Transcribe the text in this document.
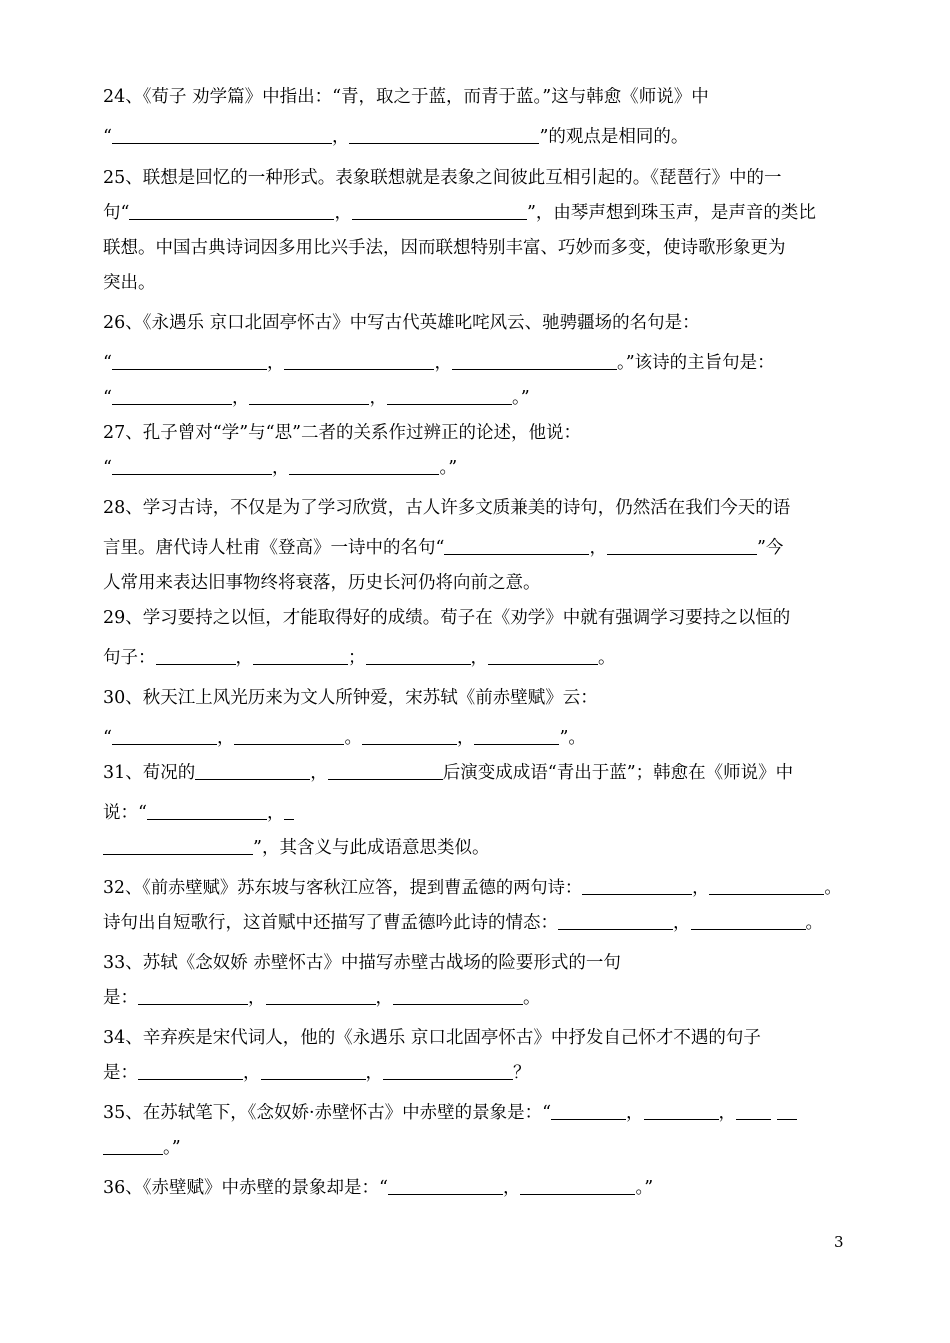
24、《荀子 劝学篇》中指出：“青，取之于蓝，而青于蓝。”这与韩愈《师说》中
“	，	”的观点是相同的。
25、联想是回忆的一种形式。表象联想就是表象之间彼此互相引起的。《琵琶行》中的一
句“	，	”，由琴声想到珠玉声，是声音的类比
联想。中国古典诗词因多用比兴手法，因而联想特别丰富、巧妙而多变，使诗歌形象更为
突出。
26、《永遇乐 京口北固亭怀古》中写古代英雄叱咤风云、驰骋疆场的名句是：
“	，	，	。”该诗的主旨句是：
“	，	，	。”
27、孔子曾对“学”与“思”二者的关系作过辨正的论述，他说：
“	，	。”
28、学习古诗，不仅是为了学习欣赏，古人许多文质兼美的诗句，仍然活在我们今天的语
言里。唐代诗人杜甫《登高》一诗中的名句“	，	”今
人常用来表达旧事物终将衰落，历史长河仍将向前之意。
29、学习要持之以恒，才能取得好的成绩。荀子在《劝学》中就有强调学习要持之以恒的
句子：	，	；	，	。
30、秋天江上风光历来为文人所钟爱，宋苏轼《前赤壁赋》云：
“	，	。	，	”。
31、荀况的	，	后演变成成语“青出于蓝”；韩愈在《师说》中
说：“	，
”，其含义与此成语意思类似。
32、《前赤壁赋》苏东坡与客秋江应答，提到曹孟德的两句诗：	，	。
诗句出自短歌行，这首赋中还描写了曹孟德吟此诗的情态：	，	。
33、苏轼《念奴娇 赤壁怀古》中描写赤壁古战场的险要形式的一句
是：	，	，	。
34、辛弃疾是宋代词人，他的《永遇乐 京口北固亭怀古》中抒发自己怀才不遇的句子
是：	，	，	？
35、在苏轼笔下，《念奴娇·赤壁怀古》中赤壁的景象是：“	，	，
。”
36、《赤壁赋》中赤壁的景象却是：“	，	。”
3
